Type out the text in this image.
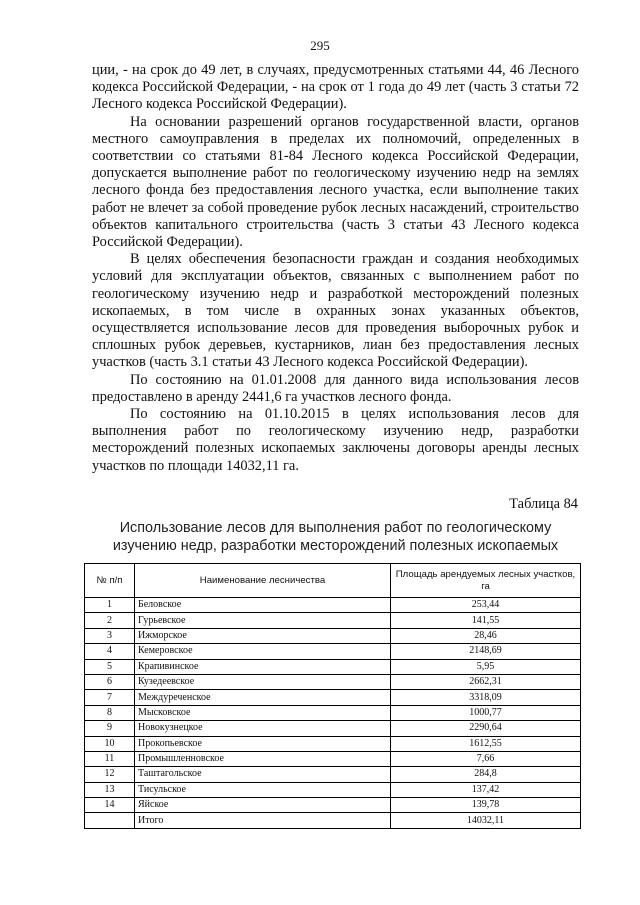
295

ции, - на срок до 49 лет, в случаях, предусмотренных статьями 44, 46 Лесного кодекса Российской Федерации, - на срок от 1 года до 49 лет (часть 3 статьи 72 Лесного кодекса Российской Федерации).

На основании разрешений органов государственной власти, органов местного самоуправления в пределах их полномочий, определенных в соответствии со статьями 81-84 Лесного кодекса Российской Федерации, допускается выполнение работ по геологическому изучению недр на землях лесного фонда без предоставления лесного участка, если выполнение таких работ не влечет за собой проведение рубок лесных насаждений, строительство объектов капитального строительства (часть 3 статьи 43 Лесного кодекса Российской Федерации).

В целях обеспечения безопасности граждан и создания необходимых условий для эксплуатации объектов, связанных с выполнением работ по геологическому изучению недр и разработкой месторождений полезных ископаемых, в том числе в охранных зонах указанных объектов, осуществляется использование лесов для проведения выборочных рубок и сплошных рубок деревьев, кустарников, лиан без предоставления лесных участков (часть 3.1 статьи 43 Лесного кодекса Российской Федерации).

По состоянию на 01.01.2008 для данного вида использования лесов предоставлено в аренду 2441,6 га участков лесного фонда.

По состоянию на 01.10.2015 в целях использования лесов для выполнения работ по геологическому изучению недр, разработки месторождений полезных ископаемых заключены договоры аренды лесных участков по площади 14032,11 га.

Таблица 84
Использование лесов для выполнения работ по геологическому изучению недр, разработки месторождений полезных ископаемых
№ п/п	Наименование лесничества	Площадь арендуемых лесных участков, га
1	Беловское	253,44
2	Гурьевское	141,55
3	Ижморское	28,46
4	Кемеровское	2148,69
5	Крапивинское	5,95
6	Кузедеевское	2662,31
7	Междуреченское	3318,09
8	Мысковское	1000,77
9	Новокузнецкое	2290,64
10	Прокопьевское	1612,55
11	Промышленновское	7,66
12	Таштагольское	284,8
13	Тисульское	137,42
14	Яйское	139,78
	Итого	14032,11
